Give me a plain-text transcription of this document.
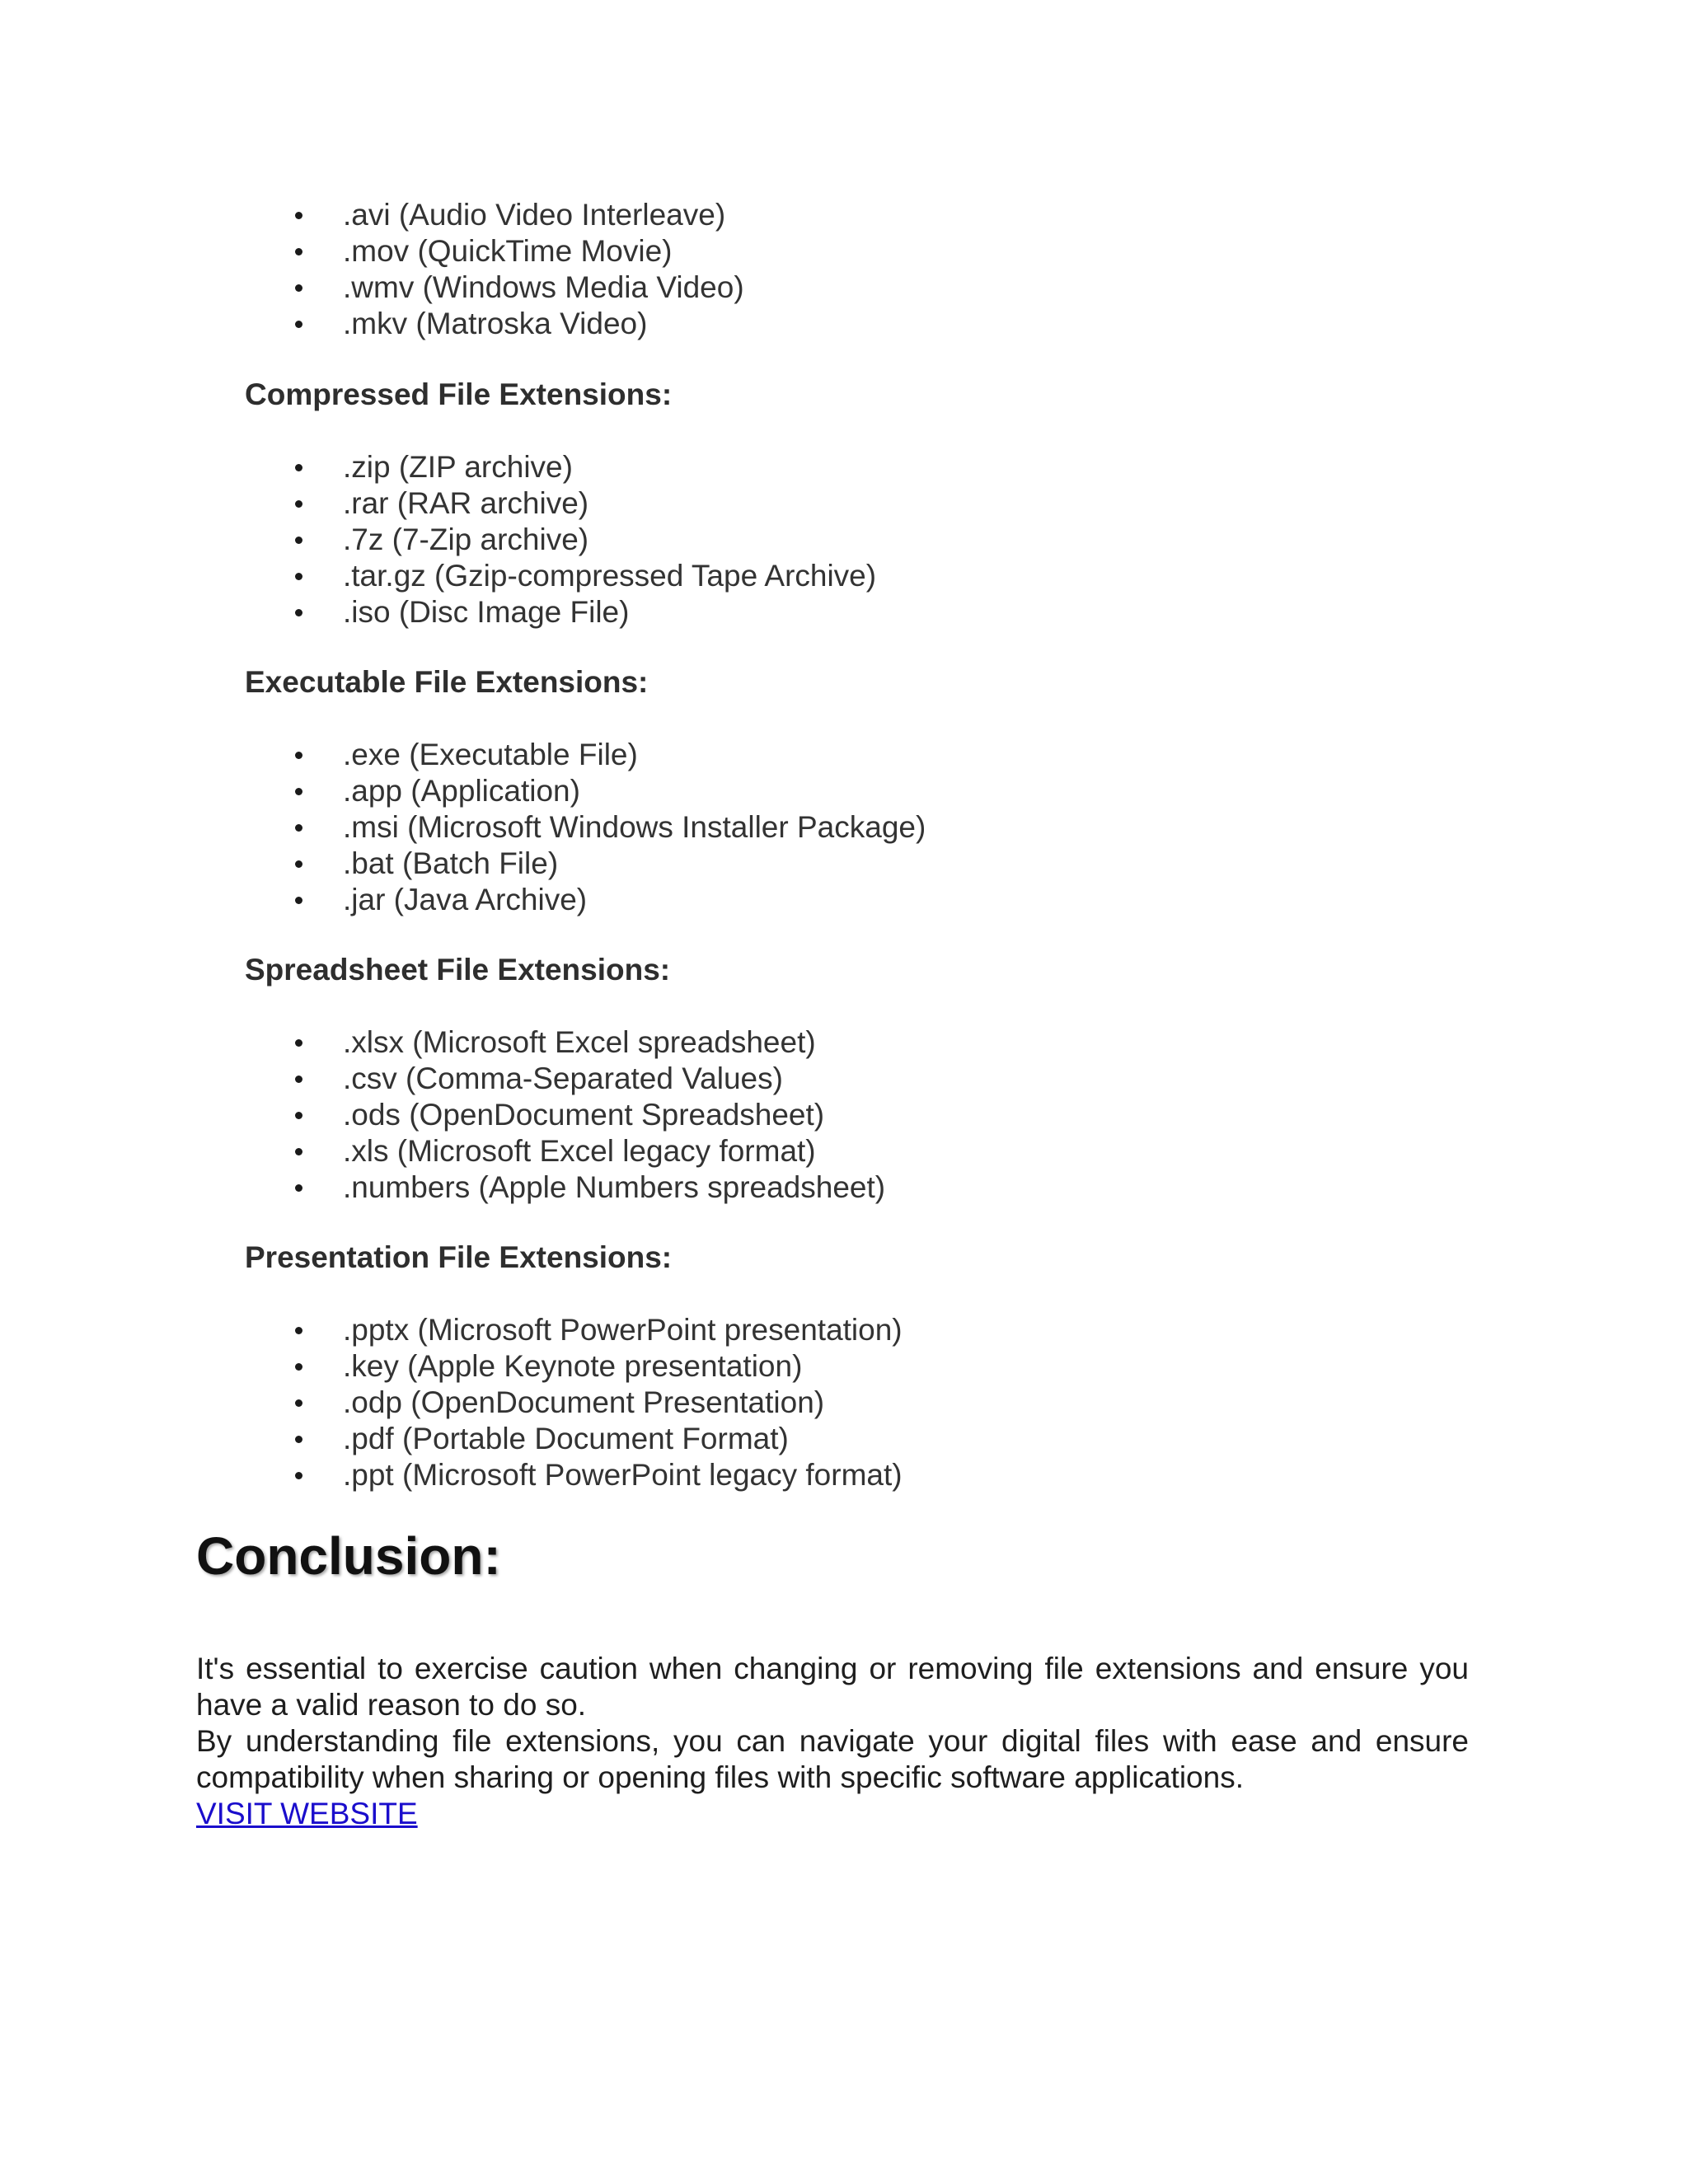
.avi (Audio Video Interleave)
.mov (QuickTime Movie)
.wmv (Windows Media Video)
.mkv (Matroska Video)
Compressed File Extensions:
.zip (ZIP archive)
.rar (RAR archive)
.7z (7-Zip archive)
.tar.gz (Gzip-compressed Tape Archive)
.iso (Disc Image File)
Executable File Extensions:
.exe (Executable File)
.app (Application)
.msi (Microsoft Windows Installer Package)
.bat (Batch File)
.jar (Java Archive)
Spreadsheet File Extensions:
.xlsx (Microsoft Excel spreadsheet)
.csv (Comma-Separated Values)
.ods (OpenDocument Spreadsheet)
.xls (Microsoft Excel legacy format)
.numbers (Apple Numbers spreadsheet)
Presentation File Extensions:
.pptx (Microsoft PowerPoint presentation)
.key (Apple Keynote presentation)
.odp (OpenDocument Presentation)
.pdf (Portable Document Format)
.ppt (Microsoft PowerPoint legacy format)
Conclusion:

It's essential to exercise caution when changing or removing file extensions and ensure you have a valid reason to do so.

By understanding file extensions, you can navigate your digital files with ease and ensure compatibility when sharing or opening files with specific software applications.

VISIT WEBSITE
